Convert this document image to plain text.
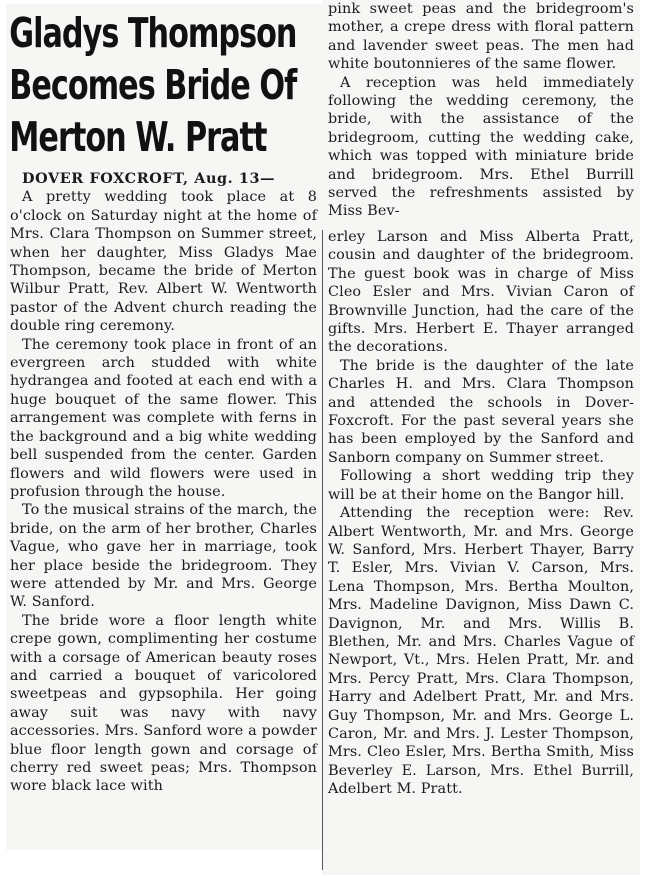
Gladys Thompson
Becomes Bride Of
Merton W. Pratt

DOVER FOXCROFT, Aug. 13—

A pretty wedding took place at 8 o'clock on Saturday night at the home of Mrs. Clara Thompson on Summer street, when her daughter, Miss Gladys Mae Thompson, became the bride of Merton Wilbur Pratt, Rev. Albert W. Wentworth pastor of the Advent church reading the double ring ceremony.

The ceremony took place in front of an evergreen arch studded with white hydrangea and footed at each end with a huge bouquet of the same flower. This arrangement was complete with ferns in the background and a big white wedding bell suspended from the center. Garden flowers and wild flowers were used in profusion through the house.

To the musical strains of the march, the bride, on the arm of her brother, Charles Vague, who gave her in marriage, took her place beside the bridegroom. They were attended by Mr. and Mrs. George W. Sanford.

The bride wore a floor length white crepe gown, complimenting her costume with a corsage of American beauty roses and carried a bouquet of varicolored sweetpeas and gypsophila. Her going away suit was navy with navy accessories. Mrs. Sanford wore a powder blue floor length gown and corsage of cherry red sweet peas; Mrs. Thompson wore black lace with

pink sweet peas and the bridegroom's mother, a crepe dress with floral pattern and lavender sweet peas. The men had white boutonnieres of the same flower.

A reception was held immediately following the wedding ceremony, the bride, with the assistance of the bridegroom, cutting the wedding cake, which was topped with miniature bride and bridegroom. Mrs. Ethel Burrill served the refreshments assisted by Miss Bev-

erley Larson and Miss Alberta Pratt, cousin and daughter of the bridegroom. The guest book was in charge of Miss Cleo Esler and Mrs. Vivian Caron of Brownville Junction, had the care of the gifts. Mrs. Herbert E. Thayer arranged the decorations.

The bride is the daughter of the late Charles H. and Mrs. Clara Thompson and attended the schools in Dover-Foxcroft. For the past several years she has been employed by the Sanford and Sanborn company on Summer street.

Following a short wedding trip they will be at their home on the Bangor hill.

Attending the reception were: Rev. Albert Wentworth, Mr. and Mrs. George W. Sanford, Mrs. Herbert Thayer, Barry T. Esler, Mrs. Vivian V. Carson, Mrs. Lena Thompson, Mrs. Bertha Moulton, Mrs. Madeline Davignon, Miss Dawn C. Davignon, Mr. and Mrs. Willis B. Blethen, Mr. and Mrs. Charles Vague of Newport, Vt., Mrs. Helen Pratt, Mr. and Mrs. Percy Pratt, Mrs. Clara Thompson, Harry and Adelbert Pratt, Mr. and Mrs. Guy Thompson, Mr. and Mrs. George L. Caron, Mr. and Mrs. J. Lester Thompson, Mrs. Cleo Esler, Mrs. Bertha Smith, Miss Beverley E. Larson, Mrs. Ethel Burrill, Adelbert M. Pratt.
